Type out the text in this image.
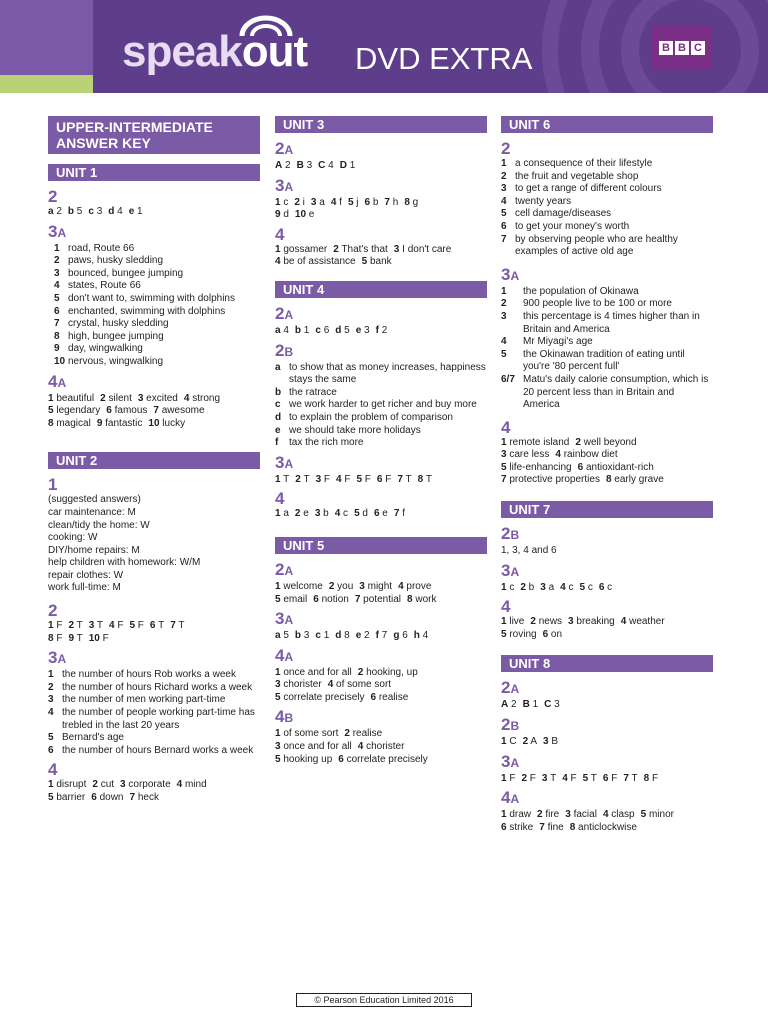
speakout DVD EXTRA	B B C
UPPER-INTERMEDIATE ANSWER KEY
UNIT 1
2
a 2 b 5 c 3 d 4 e 1
3A
1 road, Route 66
2 paws, husky sledding
3 bounced, bungee jumping
4 states, Route 66
5 don't want to, swimming with dolphins
6 enchanted, swimming with dolphins
7 crystal, husky sledding
8 high, bungee jumping
9 day, wingwalking
10 nervous, wingwalking
4A
1 beautiful 2 silent 3 excited 4 strong
5 legendary 6 famous 7 awesome
8 magical 9 fantastic 10 lucky
UNIT 2
1
(suggested answers)
car maintenance: M
clean/tidy the home: W
cooking: W
DIY/home repairs: M
help children with homework: W/M
repair clothes: W
work full-time: M
2
1 F 2 T 3 T 4 F 5 F 6 T 7 T
8 F 9 T 10 F
3A
1 the number of hours Rob works a week
2 the number of hours Richard works a week
3 the number of men working part-time
4 the number of people working part-time has trebled in the last 20 years
5 Bernard's age
6 the number of hours Bernard works a week
4
1 disrupt 2 cut 3 corporate 4 mind
5 barrier 6 down 7 heck
UNIT 3
2A
A 2 B 3 C 4 D 1
3A
1 c 2 i 3 a 4 f 5 j 6 b 7 h 8 g
9 d 10 e
4
1 gossamer 2 That's that 3 I don't care
4 be of assistance 5 bank
UNIT 4
2A
a 4 b 1 c 6 d 5 e 3 f 2
2B
a to show that as money increases, happiness stays the same
b the ratrace
c we work harder to get richer and buy more
d to explain the problem of comparison
e we should take more holidays
f	tax the rich more
3A
1 T 2 T 3 F 4 F 5 F 6 F 7 T 8 T
4
1 a 2 e 3 b 4 c 5 d 6 e 7 f
UNIT 5
2A
1 welcome 2 you 3 might 4 prove
5 email 6 notion 7 potential 8 work
3A
a 5 b 3 c 1 d 8 e 2 f 7 g 6 h 4
4A
1 once and for all 2 hooking, up
3 chorister 4 of some sort
5 correlate precisely 6 realise
4B
1 of some sort 2 realise
3 once and for all 4 chorister
5 hooking up 6 correlate precisely
UNIT 6
2
1 a consequence of their lifestyle
2 the fruit and vegetable shop
3 to get a range of different colours
4 twenty years
5 cell damage/diseases
6 to get your money's worth
7 by observing people who are healthy examples of active old age
3A
1	the population of Okinawa
2	900 people live to be 100 or more
3	this percentage is 4 times higher than in Britain and America
4	Mr Miyagi's age
5	the Okinawan tradition of eating until you're '80 percent full'
6/7 Matu's daily calorie consumption, which is 20 percent less than in Britain and America
4
1 remote island 2 well beyond
3 care less 4 rainbow diet
5 life-enhancing 6 antioxidant-rich
7 protective properties 8 early grave
UNIT 7
2B
1, 3, 4 and 6
3A
1 c 2 b 3 a 4 c 5 c 6 c
4
1 live 2 news 3 breaking 4 weather
5 roving 6 on
UNIT 8
2A
A 2 B 1 C 3
2B
1 C 2 A 3 B
3A
1 F 2 F 3 T 4 F 5 T 6 F 7 T 8 F
4A
1 draw 2 fire 3 facial 4 clasp 5 minor
6 strike 7 fine 8 anticlockwise
© Pearson Education Limited 2016
